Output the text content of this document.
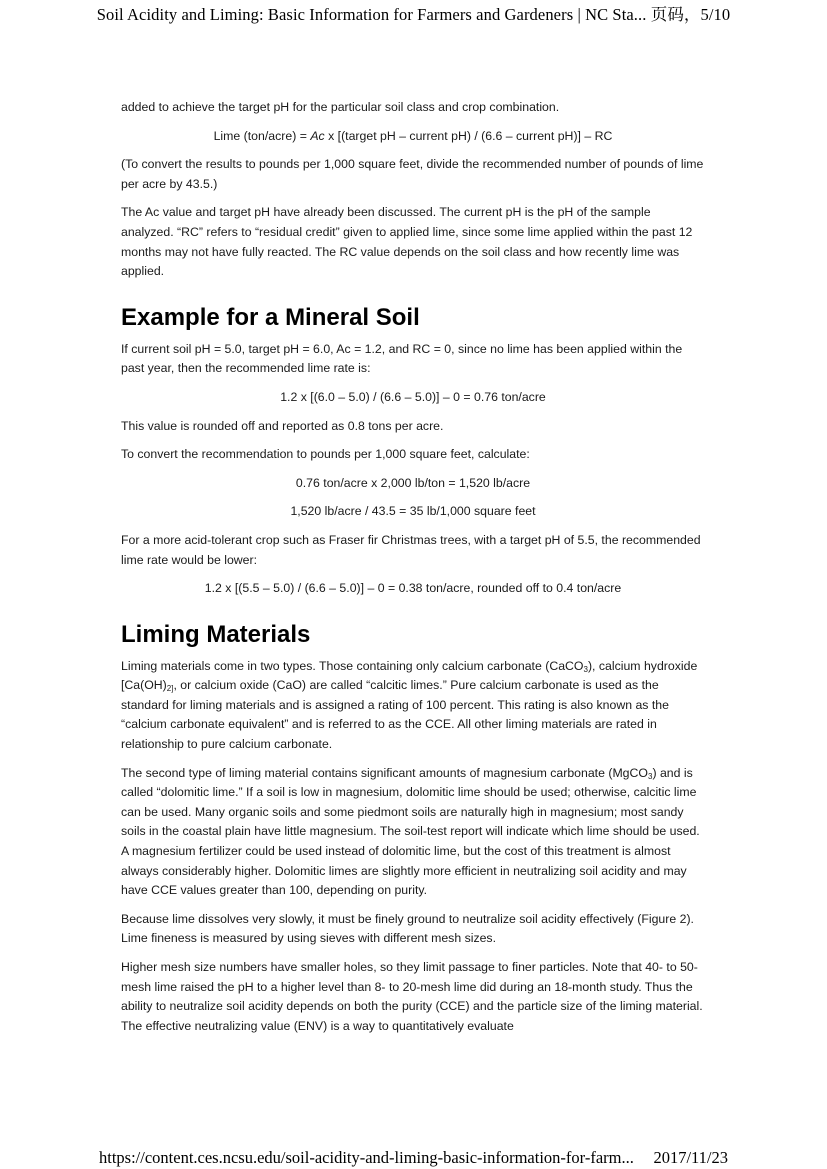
Soil Acidity and Liming: Basic Information for Farmers and Gardeners | NC Sta... 页码，5/10

added to achieve the target pH for the particular soil class and crop combination.

Lime (ton/acre) = Ac x [(target pH – current pH) / (6.6 – current pH)] – RC

(To convert the results to pounds per 1,000 square feet, divide the recommended number of pounds of lime per acre by 43.5.)

The Ac value and target pH have already been discussed. The current pH is the pH of the sample analyzed. “RC” refers to “residual credit” given to applied lime, since some lime applied within the past 12 months may not have fully reacted. The RC value depends on the soil class and how recently lime was applied.

Example for a Mineral Soil

If current soil pH = 5.0, target pH = 6.0, Ac = 1.2, and RC = 0, since no lime has been applied within the past year, then the recommended lime rate is:

1.2 x [(6.0 – 5.0) / (6.6 – 5.0)] – 0 = 0.76 ton/acre

This value is rounded off and reported as 0.8 tons per acre.

To convert the recommendation to pounds per 1,000 square feet, calculate:

0.76 ton/acre x 2,000 lb/ton = 1,520 lb/acre

1,520 lb/acre / 43.5 = 35 lb/1,000 square feet

For a more acid-tolerant crop such as Fraser fir Christmas trees, with a target pH of 5.5, the recommended lime rate would be lower:

1.2 x [(5.5 – 5.0) / (6.6 – 5.0)] – 0 = 0.38 ton/acre, rounded off to 0.4 ton/acre

Liming Materials

Liming materials come in two types. Those containing only calcium carbonate (CaCO$_3$), calcium hydroxide [$Ca(OH)_{2]}$, or calcium oxide (CaO) are called “calcitic limes.” Pure calcium carbonate is used as the standard for liming materials and is assigned a rating of 100 percent. This rating is also known as the “calcium carbonate equivalent” and is referred to as the CCE. All other liming materials are rated in relationship to pure calcium carbonate.

The second type of liming material contains significant amounts of magnesium carbonate (MgCO$_3$) and is called “dolomitic lime.” If a soil is low in magnesium, dolomitic lime should be used; otherwise, calcitic lime can be used. Many organic soils and some piedmont soils are naturally high in magnesium; most sandy soils in the coastal plain have little magnesium. The soil-test report will indicate which lime should be used. A magnesium fertilizer could be used instead of dolomitic lime, but the cost of this treatment is almost always considerably higher. Dolomitic limes are slightly more efficient in neutralizing soil acidity and may have CCE values greater than 100, depending on purity.

Because lime dissolves very slowly, it must be finely ground to neutralize soil acidity effectively (Figure 2). Lime fineness is measured by using sieves with different mesh sizes.

Higher mesh size numbers have smaller holes, so they limit passage to finer particles. Note that 40- to 50- mesh lime raised the pH to a higher level than 8- to 20-mesh lime did during an 18-month study. Thus the ability to neutralize soil acidity depends on both the purity (CCE) and the particle size of the liming material. The effective neutralizing value (ENV) is a way to quantitatively evaluate

https://content.ces.ncsu.edu/soil-acidity-and-liming-basic-information-for-farm... 2017/11/23
